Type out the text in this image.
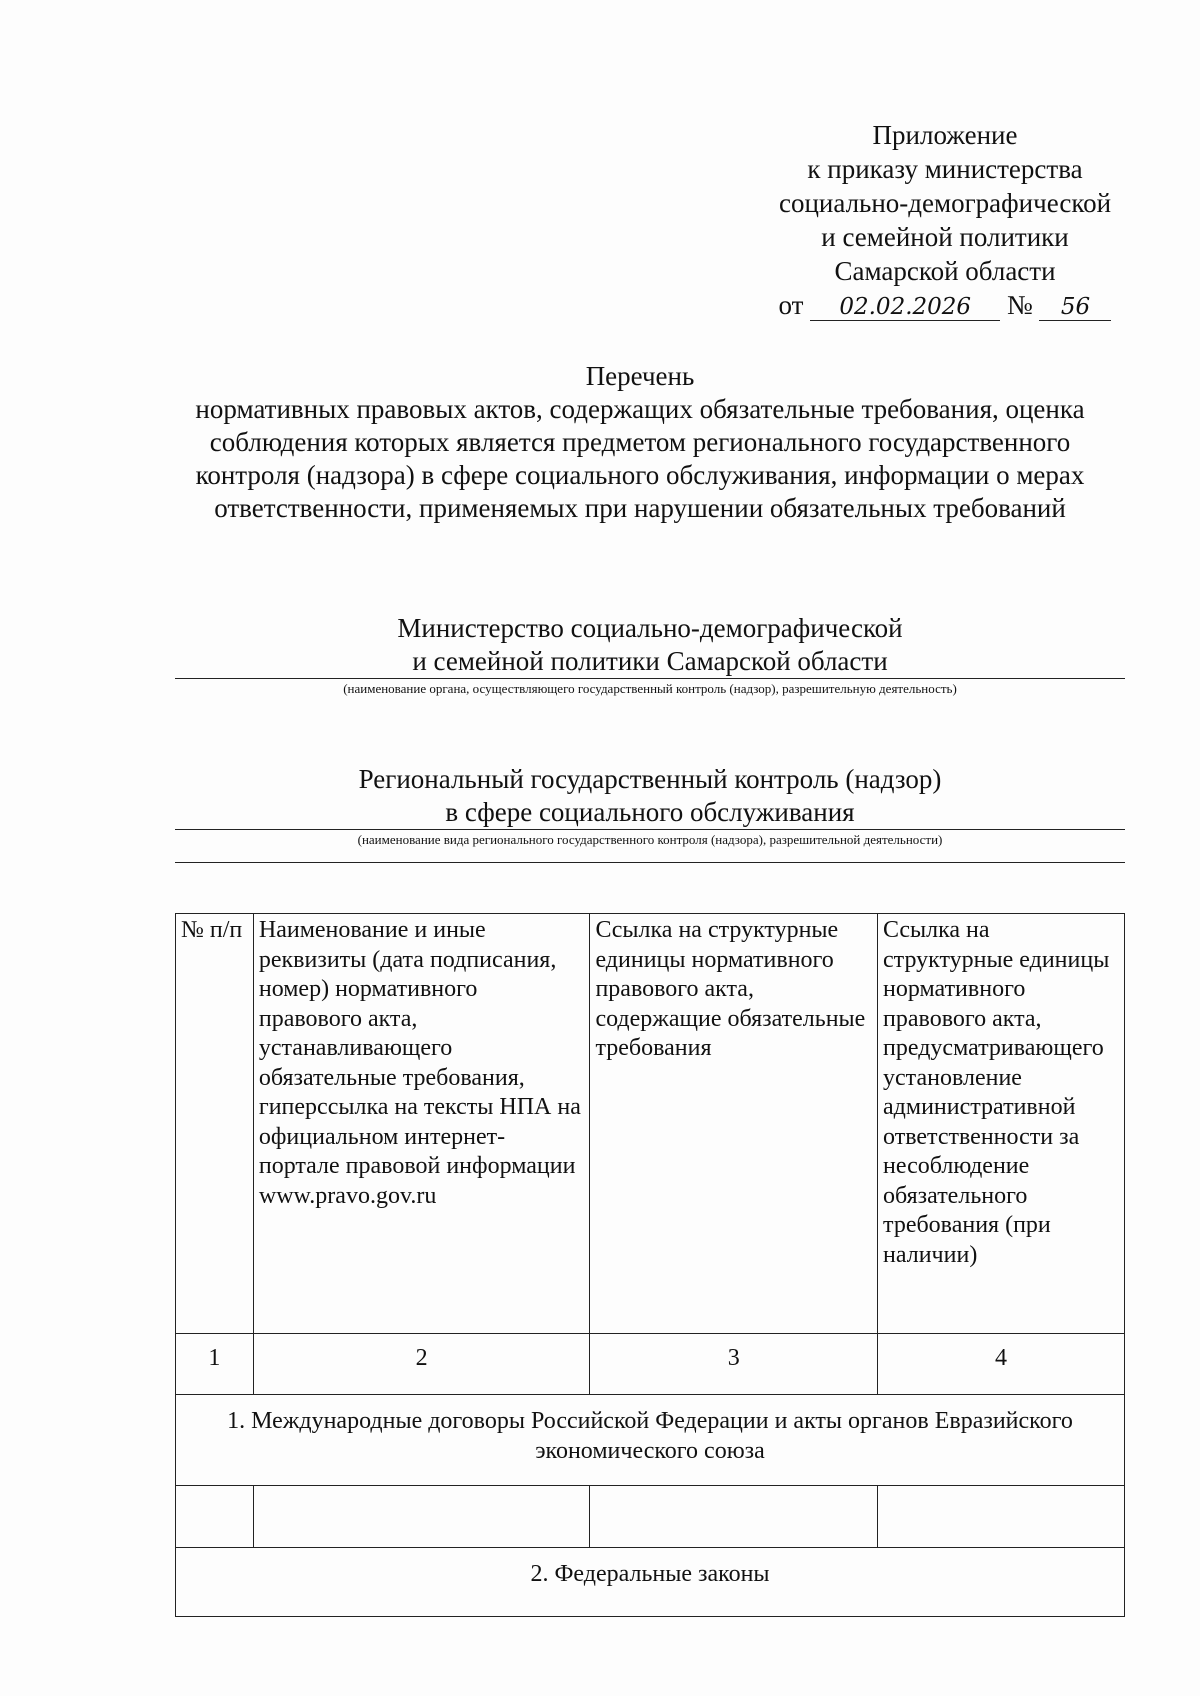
Приложение
к приказу министерства
социально-демографической
и семейной политики
Самарской области
от 02.02.2026 № 56
Перечень
нормативных правовых актов, содержащих обязательные требования, оценка
соблюдения которых является предметом регионального государственного
контроля (надзора) в сфере социального обслуживания, информации о мерах
ответственности, применяемых при нарушении обязательных требований
Министерство социально-демографической
и семейной политики Самарской области
(наименование органа, осуществляющего государственный контроль (надзор), разрешительную деятельность)
Региональный государственный контроль (надзор)
в сфере социального обслуживания
(наименование вида регионального государственного контроля (надзора), разрешительной деятельности)
№ п/п	Наименование и иные реквизиты (дата подписания, номер) нормативного правового акта, устанавливающего обязательные требования, гиперссылка на тексты НПА на официальном интернет-портале правовой информации www.pravo.gov.ru	Ссылка на структурные единицы нормативного правового акта, содержащие обязательные требования	Ссылка на структурные единицы нормативного правового акта, предусматривающего установление административной ответственности за несоблюдение обязательного требования (при наличии)
1	2	3	4
1. Международные договоры Российской Федерации и акты органов Евразийского экономического союза			

2. Федеральные законы			
